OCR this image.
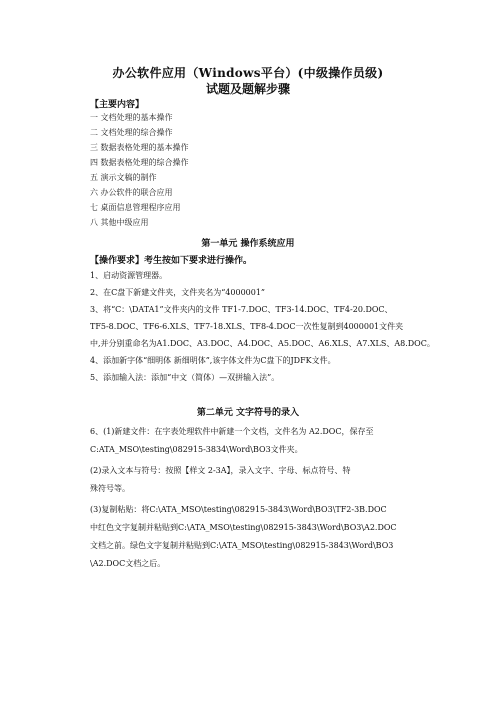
办公软件应用（Windows平台）(中级操作员级)
试题及题解步骤
【主要内容】
一 文档处理的基本操作
二 文档处理的综合操作
三 数据表格处理的基本操作
四 数据表格处理的综合操作
五 演示文稿的制作
六 办公软件的联合应用
七 桌面信息管理程序应用
八 其他中级应用
第一单元 操作系统应用
【操作要求】考生按如下要求进行操作。
1、启动资源管理器。
2、在C盘下新建文件夹，文件夹名为“4000001”
3、将“C：\DATA1”文件夹内的文件 TF1-7.DOC、TF3-14.DOC、TF4-20.DOC、
TF5-8.DOC、TF6-6.XLS、TF7-18.XLS、TF8-4.DOC一次性复制到4000001文件夹
中,并分别重命名为A1.DOC、A3.DOC、A4.DOC、A5.DOC、A6.XLS、A7.XLS、A8.DOC。
4、添加新字体“细明体 新细明体”,该字体文件为C盘下的JDFK文件。
5、添加输入法：添加“中文（简体）—双拼输入法”。
第二单元 文字符号的录入
6、(1)新建文件：在字表处理软件中新建一个文档，文件名为 A2.DOC，保存至
C:ATA_MSO\testing\082915-3834\Word\BO3文件夹。
(2)录入文本与符号：按照【样文 2-3A】，录入文字、字母、标点符号、特
殊符号等。
(3)复制粘贴：将C:\ATA_MSO\testing\082915-3843\Word\BO3\TF2-3B.DOC
中红色文字复制并粘贴到C:\ATA_MSO\testing\082915-3843\Word\BO3\A2.DOC
文档之前。绿色文字复制并粘贴到C:\ATA_MSO\testing\082915-3843\Word\BO3
\A2.DOC文档之后。
